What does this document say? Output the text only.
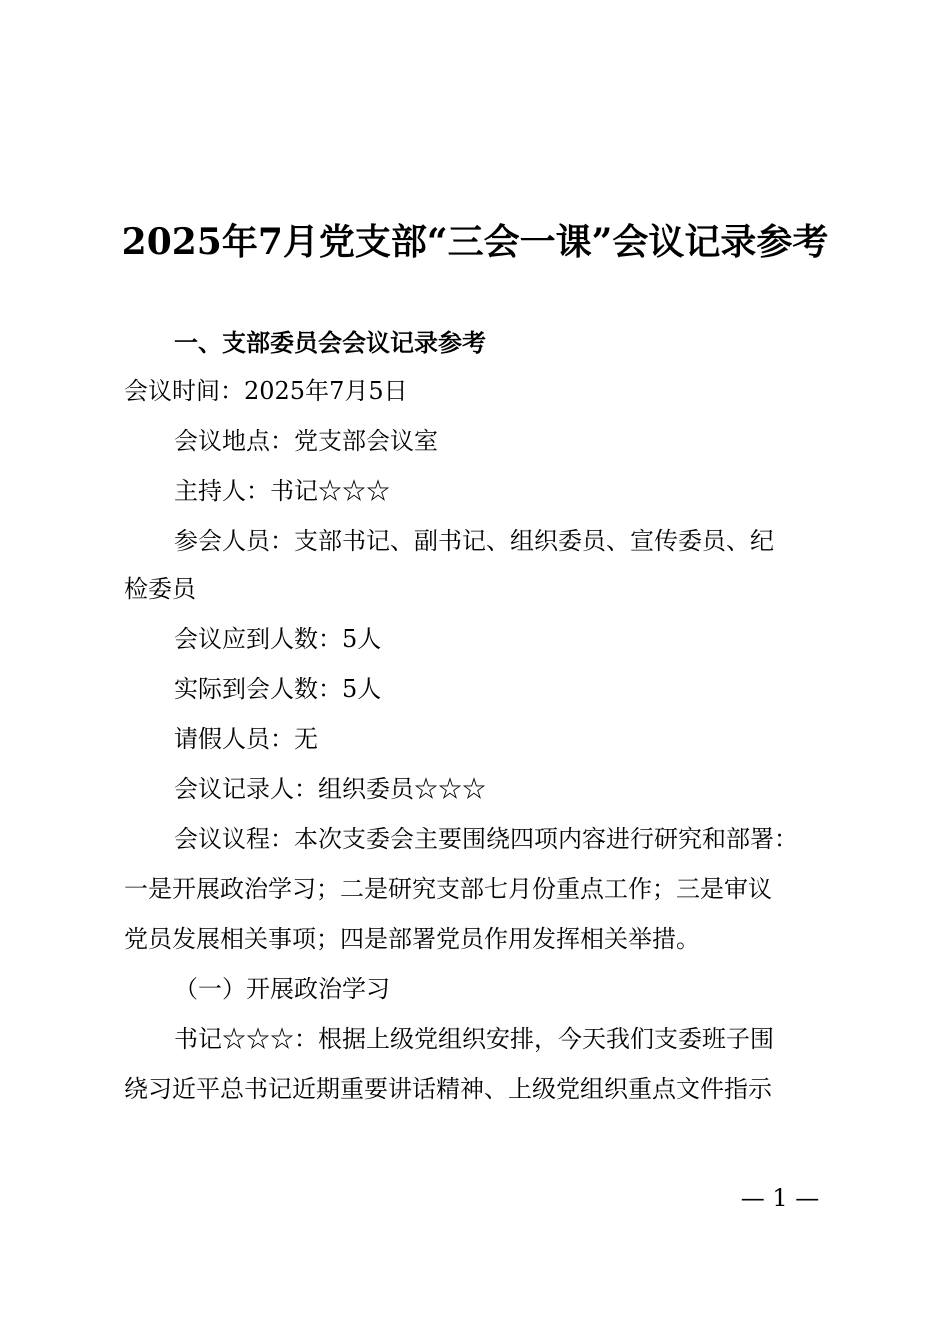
2025年7月党支部“三会一课”会议记录参考
一、支部委员会会议记录参考
会议时间：2025年7月5日
会议地点：党支部会议室
主持人：书记☆☆☆
参会人员：支部书记、副书记、组织委员、宣传委员、纪
检委员
会议应到人数：5人
实际到会人数：5人
请假人员：无
会议记录人：组织委员☆☆☆
会议议程：本次支委会主要围绕四项内容进行研究和部署：
一是开展政治学习；二是研究支部七月份重点工作；三是审议
党员发展相关事项；四是部署党员作用发挥相关举措。
（一）开展政治学习
书记☆☆☆：根据上级党组织安排，今天我们支委班子围
绕习近平总书记近期重要讲话精神、上级党组织重点文件指示
— 1 —
